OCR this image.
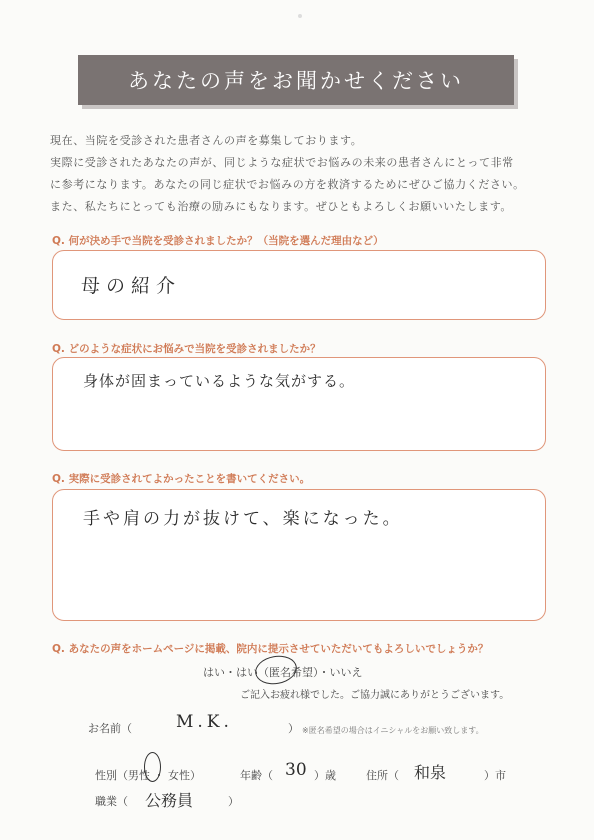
あなたの声をお聞かせください
現在、当院を受診された患者さんの声を募集しております。
実際に受診されたあなたの声が、同じような症状でお悩みの未来の患者さんにとって非常
に参考になります。あなたの同じ症状でお悩みの方を救済するためにぜひご協力ください。
また、私たちにとっても治療の励みにもなります。ぜひともよろしくお願いいたします。
Q. 何が決め手で当院を受診されましたか？（当院を選んだ理由など）
母の紹介
Q. どのような症状にお悩みで当院を受診されましたか？
身体が固まっているような気がする。
Q. 実際に受診されてよかったことを書いてください。
手や肩の力が抜けて、楽になった。
Q. あなたの声をホームページに掲載、院内に提示させていただいてもよろしいでしょうか？
はい・はい（匿名希望）・いいえ
ご記入お疲れ様でした。ご協力誠にありがとうございます。
お名前（	M.K.	） ※匿名希望の場合はイニシャルをお願い致します。
性別（男性 ・ 女性）	年齢（ 30 ）歳	住所（ 和泉	）市
職業（ 公務員	）
